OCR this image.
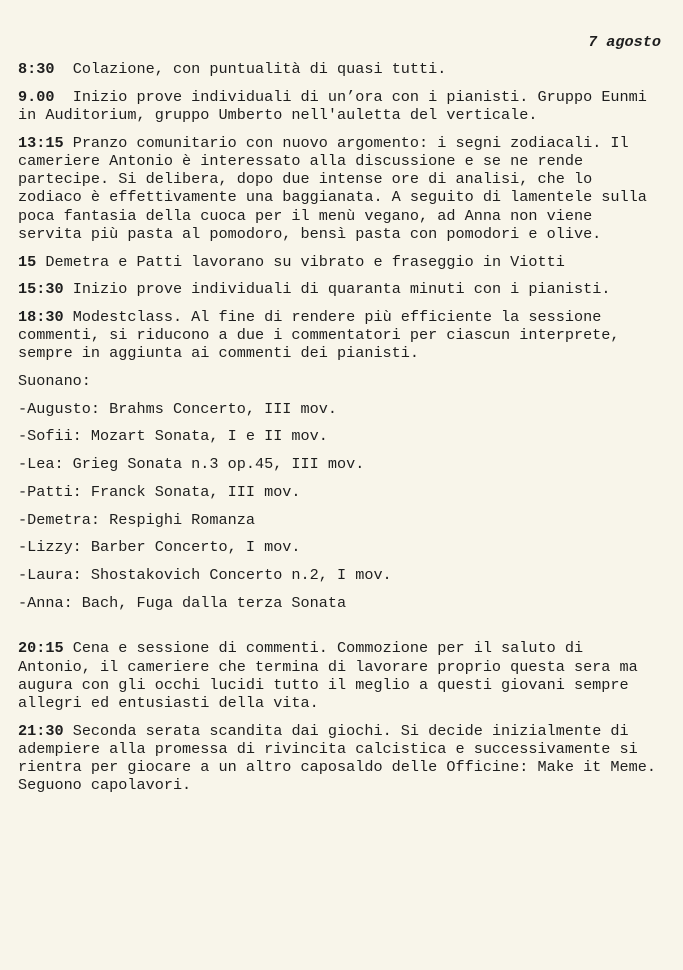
7 agosto

8:30 Colazione, con puntualità di quasi tutti.

9.00 Inizio prove individuali di un’ora con i pianisti. Gruppo Eunmi in Auditorium, gruppo Umberto nell'auletta del verticale.

13:15 Pranzo comunitario con nuovo argomento: i segni zodiacali. Il cameriere Antonio è interessato alla discussione e se ne rende partecipe. Si delibera, dopo due intense ore di analisi, che lo zodiaco è effettivamente una baggianata. A seguito di lamentele sulla poca fantasia della cuoca per il menù vegano, ad Anna non viene servita più pasta al pomodoro, bensì pasta con pomodori e olive.

15 Demetra e Patti lavorano su vibrato e fraseggio in Viotti

15:30 Inizio prove individuali di quaranta minuti con i pianisti.

18:30 Modestclass. Al fine di rendere più efficiente la sessione commenti, si riducono a due i commentatori per ciascun interprete, sempre in aggiunta ai commenti dei pianisti.

Suonano:

-Augusto: Brahms Concerto, III mov.
-Sofii: Mozart Sonata, I e II mov.
-Lea: Grieg Sonata n.3 op.45, III mov.
-Patti: Franck Sonata, III mov.
-Demetra: Respighi Romanza
-Lizzy: Barber Concerto, I mov.
-Laura: Shostakovich Concerto n.2, I mov.
-Anna: Bach, Fuga dalla terza Sonata

20:15 Cena e sessione di commenti. Commozione per il saluto di Antonio, il cameriere che termina di lavorare proprio questa sera ma augura con gli occhi lucidi tutto il meglio a questi giovani sempre allegri ed entusiasti della vita.

21:30 Seconda serata scandita dai giochi. Si decide inizialmente di adempiere alla promessa di rivincita calcistica e successivamente si rientra per giocare a un altro caposaldo delle Officine: Make it Meme. Seguono capolavori.
